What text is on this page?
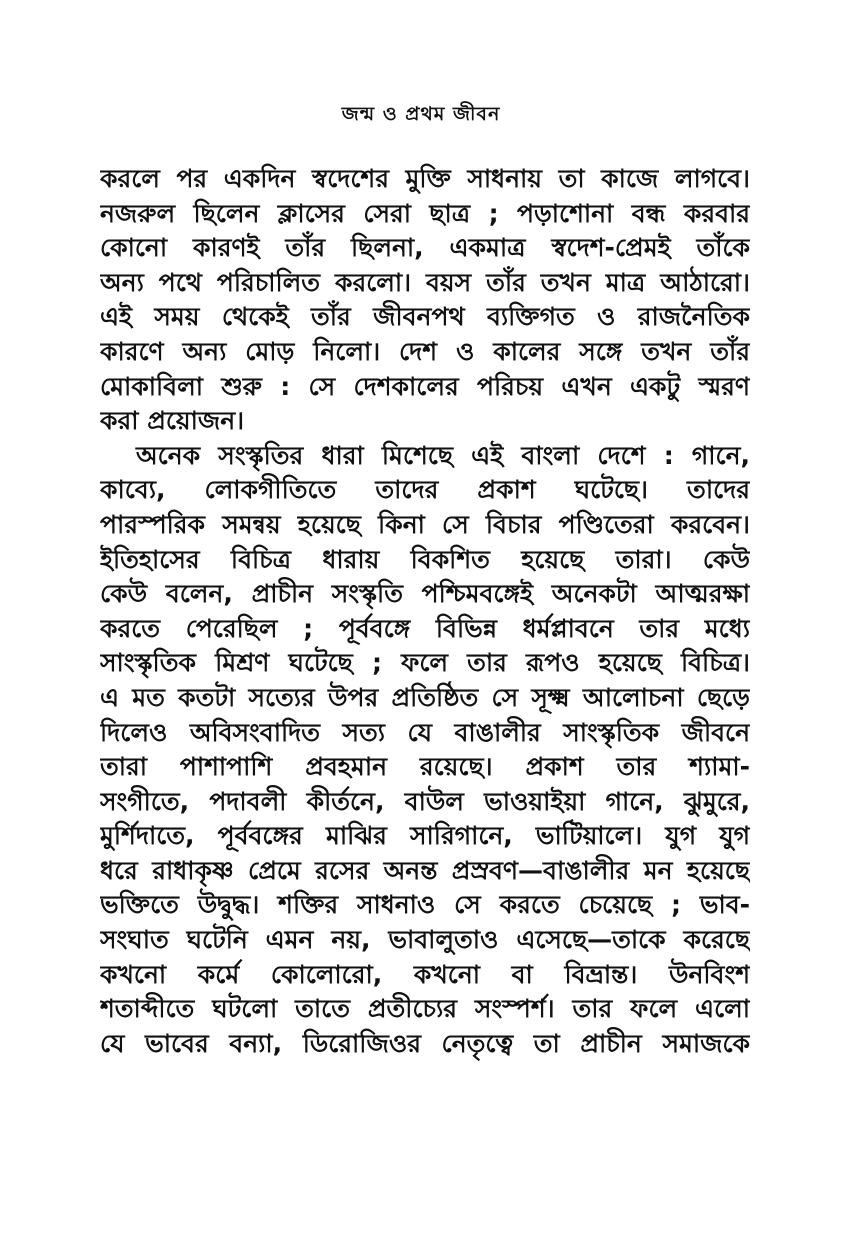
জন্ম ও প্রথম জীবন
করলে পর একদিন স্বদেশের মুক্তি সাধনায় তা কাজে লাগবে।
নজরুল ছিলেন ক্লাসের সেরা ছাত্র ; পড়াশোনা বন্ধ করবার
কোনো কারণই তাঁর ছিলনা, একমাত্র স্বদেশ-প্রেমই তাঁকে
অন্য পথে পরিচালিত করলো। বয়স তাঁর তখন মাত্র আঠারো।
এই সময় থেকেই তাঁর জীবনপথ ব্যক্তিগত ও রাজনৈতিক
কারণে অন্য মোড় নিলো। দেশ ও কালের সঙ্গে তখন তাঁর
মোকাবিলা শুরু : সে দেশকালের পরিচয় এখন একটু স্মরণ
করা প্রয়োজন।
অনেক সংস্কৃতির ধারা মিশেছে এই বাংলা দেশে : গানে,
কাব্যে, লোকগীতিতে তাদের প্রকাশ ঘটেছে। তাদের
পারস্পরিক সমন্বয় হয়েছে কিনা সে বিচার পণ্ডিতেরা করবেন।
ইতিহাসের বিচিত্র ধারায় বিকশিত হয়েছে তারা। কেউ
কেউ বলেন, প্রাচীন সংস্কৃতি পশ্চিমবঙ্গেই অনেকটা আত্মরক্ষা
করতে পেরেছিল ; পূর্ববঙ্গে বিভিন্ন ধর্মপ্লাবনে তার মধ্যে
সাংস্কৃতিক মিশ্রণ ঘটেছে ; ফলে তার রূপও হয়েছে বিচিত্র।
এ মত কতটা সত্যের উপর প্রতিষ্ঠিত সে সূক্ষ্ম আলোচনা ছেড়ে
দিলেও অবিসংবাদিত সত্য যে বাঙালীর সাংস্কৃতিক জীবনে
তারা পাশাপাশি প্রবহমান রয়েছে। প্রকাশ তার শ্যামা-
সংগীতে, পদাবলী কীর্তনে, বাউল ভাওয়াইয়া গানে, ঝুমুরে,
মুর্শিদাতে, পূর্ববঙ্গের মাঝির সারিগানে, ভাটিয়ালে। যুগ যুগ
ধরে রাধাকৃষ্ণ প্রেমে রসের অনন্ত প্রস্রবণ—বাঙালীর মন হয়েছে
ভক্তিতে উদ্বুদ্ধ। শক্তির সাধনাও সে করতে চেয়েছে ; ভাব-
সংঘাত ঘটেনি এমন নয়, ভাবালুতাও এসেছে—তাকে করেছে
কখনো কর্মে কোলোরো, কখনো বা বিভ্রান্ত। উনবিংশ
শতাব্দীতে ঘটলো তাতে প্রতীচ্যের সংস্পর্শ। তার ফলে এলো
যে ভাবের বন্যা, ডিরোজিওর নেতৃত্বে তা প্রাচীন সমাজকে
